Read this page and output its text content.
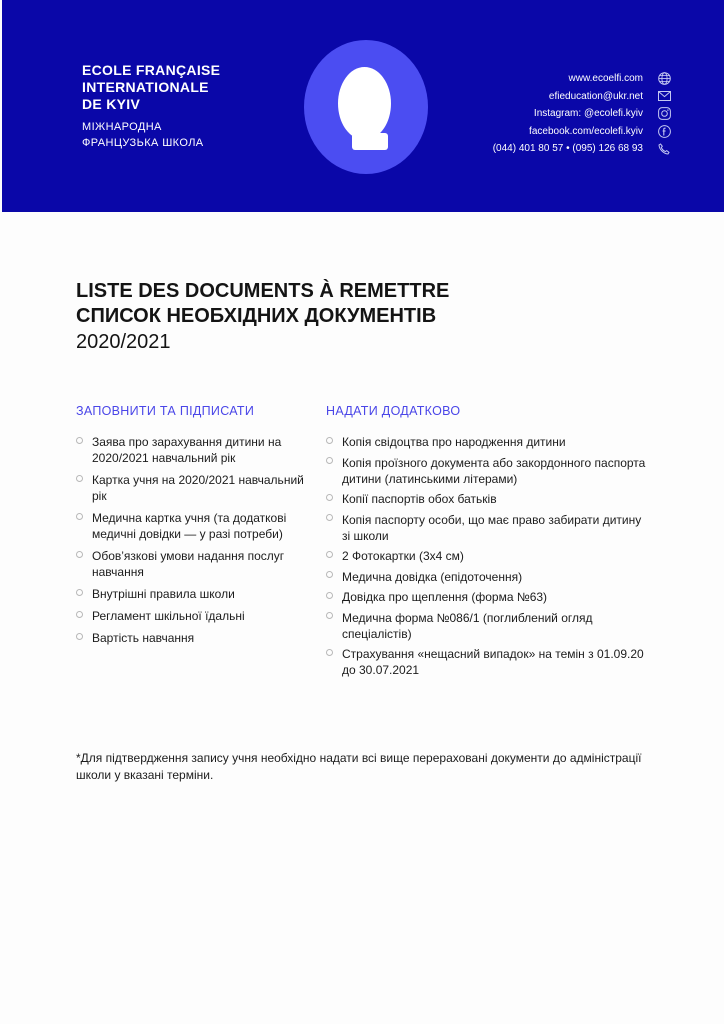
ECOLE FRANÇAISE
INTERNATIONALE
DE KYIV
МІЖНАРОДНА
ФРАНЦУЗЬКА ШКОЛА
www.ecoelfi.com
efieducation@ukr.net
Instagram: @ecolefi.kyiv
facebook.com/ecolefi.kyiv
(044) 401 80 57 • (095) 126 68 93
LISTE DES DOCUMENTS À REMETTRE
СПИСОК НЕОБХІДНИХ ДОКУМЕНТІВ
2020/2021
ЗАПОВНИТИ ТА ПІДПИСАТИ
Заява про зарахування дитини на 2020/2021 навчальний рік
Картка учня на 2020/2021 навчальний рік
Медична картка учня (та додаткові медичні довідки — у разі потреби)
Обов’язкові умови надання послуг навчання
Внутрішні правила школи
Регламент шкільної їдальні
Вартість навчання
НАДАТИ ДОДАТКОВО
Копія свідоцтва про народження дитини
Копія проїзного документа або закордонного паспорта дитини (латинськими літерами)
Копії паспортів обох батьків
Копія паспорту особи, що має право забирати дитину зі школи
2 Фотокартки (3х4 см)
Медична довідка (епідоточення)
Довідка про щеплення (форма №63)
Медична форма №086/1 (поглиблений огляд спеціалістів)
Страхування «нещасний випадок» на темін з 01.09.20 до 30.07.2021
*Для підтвердження запису учня необхідно надати всі вище перераховані документи до адміністрації школи у вказані терміни.
